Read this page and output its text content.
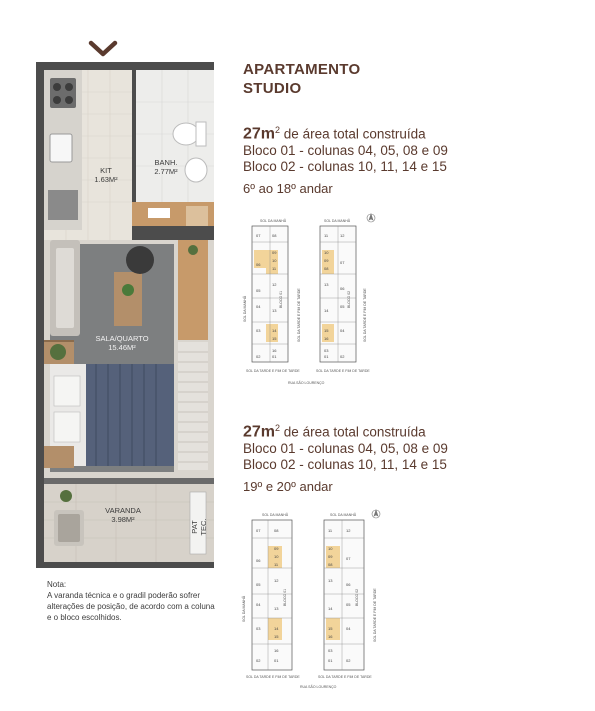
KIT
1.63M²
BANH.
2.77M²
SALA/QUARTO
15.46M²
VARANDA
3.98M²
PAT TEC.
APARTAMENTO
STUDIO
$27m^2$ de área total construída
Bloco 01 - colunas 04, 05, 08 e 09
Bloco 02 - colunas 10, 11, 14 e 15
6º ao 18º andar
SOL DA MANHÃ	SOL DA MANHÃ
SOL DA TARDE E FIM DE TARDE	SOL DA TARDE E FIM DE TARDE
RUA SÃO LOURENÇO
SOL DA MANHÃ	SOL DA TARDE E FIM DE TARDE
BLOCO 01	BLOCO 02	SOL DA TARDE E FIM DE TARDE
07	08
09
10
11
06
12
05
13
04
14
03
15
16
02	01
12
11
10
09
08
07
13
06
14
05
15	04
16
03
02
01
$27m^2$ de área total construída
Bloco 01 - colunas 04, 05, 08 e 09
Bloco 02 - colunas 10, 11, 14 e 15
19º e 20º andar
SOL DA MANHÃ	SOL DA MANHÃ
SOL DA TARDE E FIM DE TARDE	SOL DA TARDE E FIM DE TARDE
RUA SÃO LOURENÇO
SOL DA MANHÃ	BLOCO 01	BLOCO 02	SOL DA TARDE E FIM DE TARDE
07	08
09
10
11
06
12
05
13
04
14
03
15
16
02	01
12
11
10
09
08
07
13
06
14
05
15	04
16
03
02
01
Nota:
A varanda técnica e o gradil poderão sofrer alterações de posição, de acordo com a coluna e o bloco escolhidos.
